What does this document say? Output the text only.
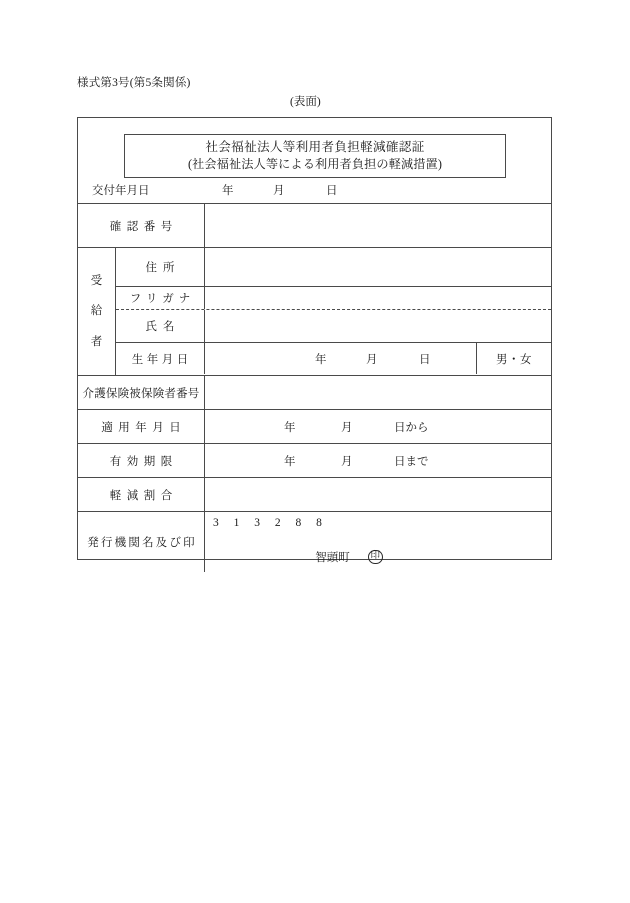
様式第3号(第5条関係)
(表面)
社会福祉法人等利用者負担軽減確認証
(社会福祉法人等による利用者負担の軽減措置)
交付年月日	年	月	日
確認番号
受
給
者
住所
フリガナ
氏名
生年月日	年	月	日	男・女
介護保険被保険者番号
適用年月日	年	月	日から
有効期限	年	月	日まで
軽減割合
発行機関名及び印
3 1 3 2 8 8
智頭町 印
